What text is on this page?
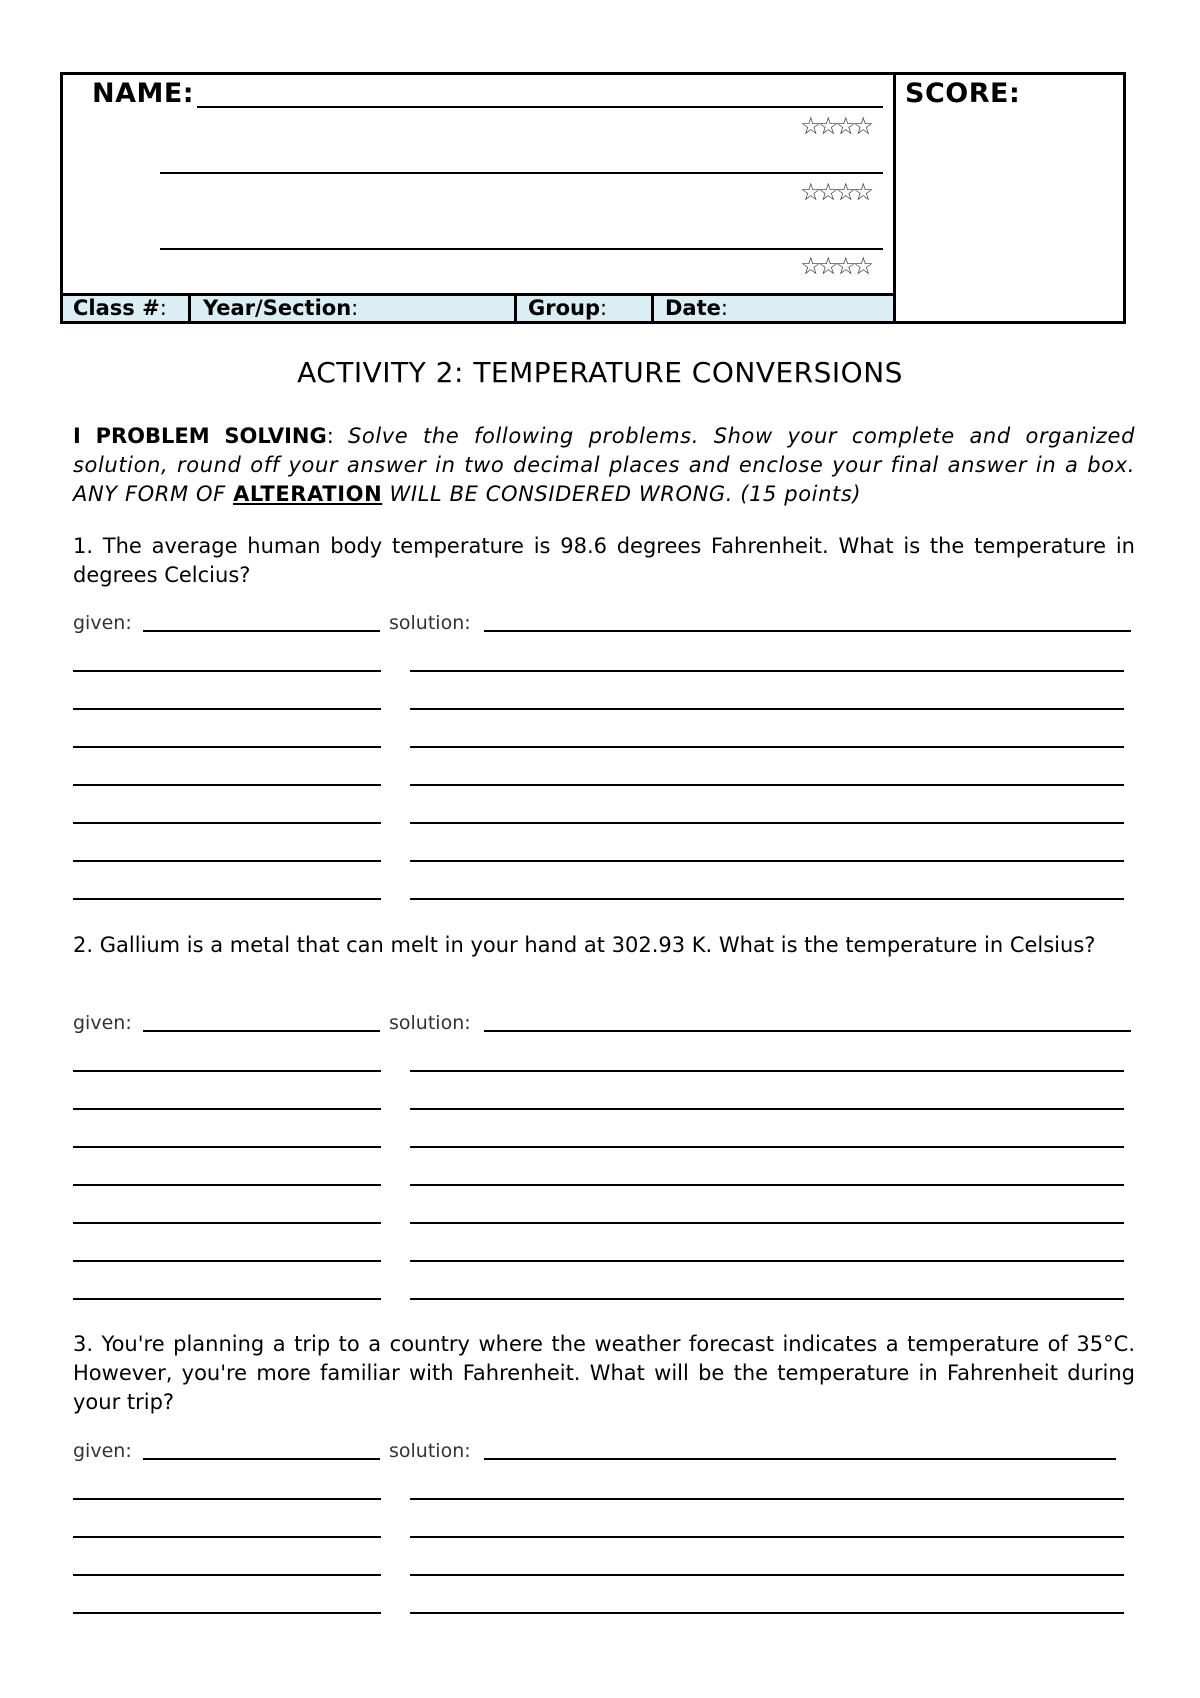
NAME:
☆☆☆☆
☆☆☆☆
☆☆☆☆
SCORE:
Class #: Year/Section:	Group:	Date:
ACTIVITY 2: TEMPERATURE CONVERSIONS
I PROBLEM SOLVING: Solve the following problems. Show your complete and organized solution, round off your answer in two decimal places and enclose your final answer in a box. ANY FORM OF ALTERATION WILL BE CONSIDERED WRONG. (15 points)
1. The average human body temperature is 98.6 degrees Fahrenheit. What is the temperature in degrees Celcius?
given:	solution:
2. Gallium is a metal that can melt in your hand at 302.93 K. What is the temperature in Celsius?
given:	solution:
3. You're planning a trip to a country where the weather forecast indicates a temperature of 35°C. However, you're more familiar with Fahrenheit. What will be the temperature in Fahrenheit during your trip?
given:	solution:
